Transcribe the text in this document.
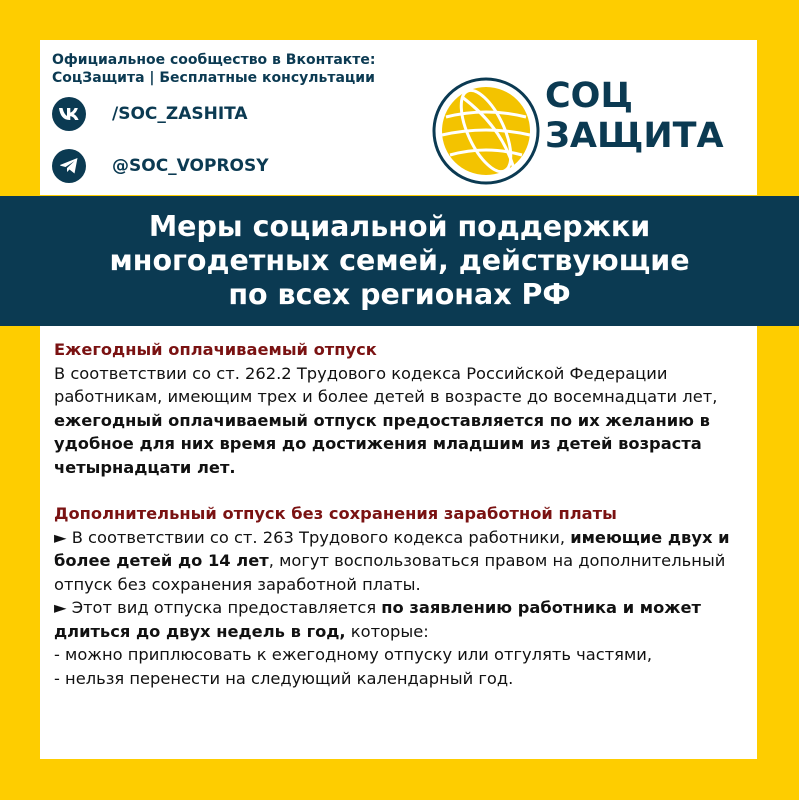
Официальное сообщество в Вконтакте:
СоцЗащита | Бесплатные консультации
/SOC_ZASHITA
@SOC_VOPROSY
СОЦ
ЗАЩИТА
Меры социальной поддержки
многодетных семей, действующие
по всех регионах РФ
Ежегодный оплачиваемый отпуск
В соответствии со ст. 262.2 Трудового кодекса Российской Федерации работникам, имеющим трех и более детей в возрасте до восемнадцати лет, ежегодный оплачиваемый отпуск предоставляется по их желанию в удобное для них время до достижения младшим из детей возраста четырнадцати лет.
Дополнительный отпуск без сохранения заработной платы
► В соответствии со ст. 263 Трудового кодекса работники, имеющие двух и более детей до 14 лет, могут воспользоваться правом на дополнительный отпуск без сохранения заработной платы.
► Этот вид отпуска предоставляется по заявлению работника и может длиться до двух недель в год, которые:
- можно приплюсовать к ежегодному отпуску или отгулять частями,
- нельзя перенести на следующий календарный год.
